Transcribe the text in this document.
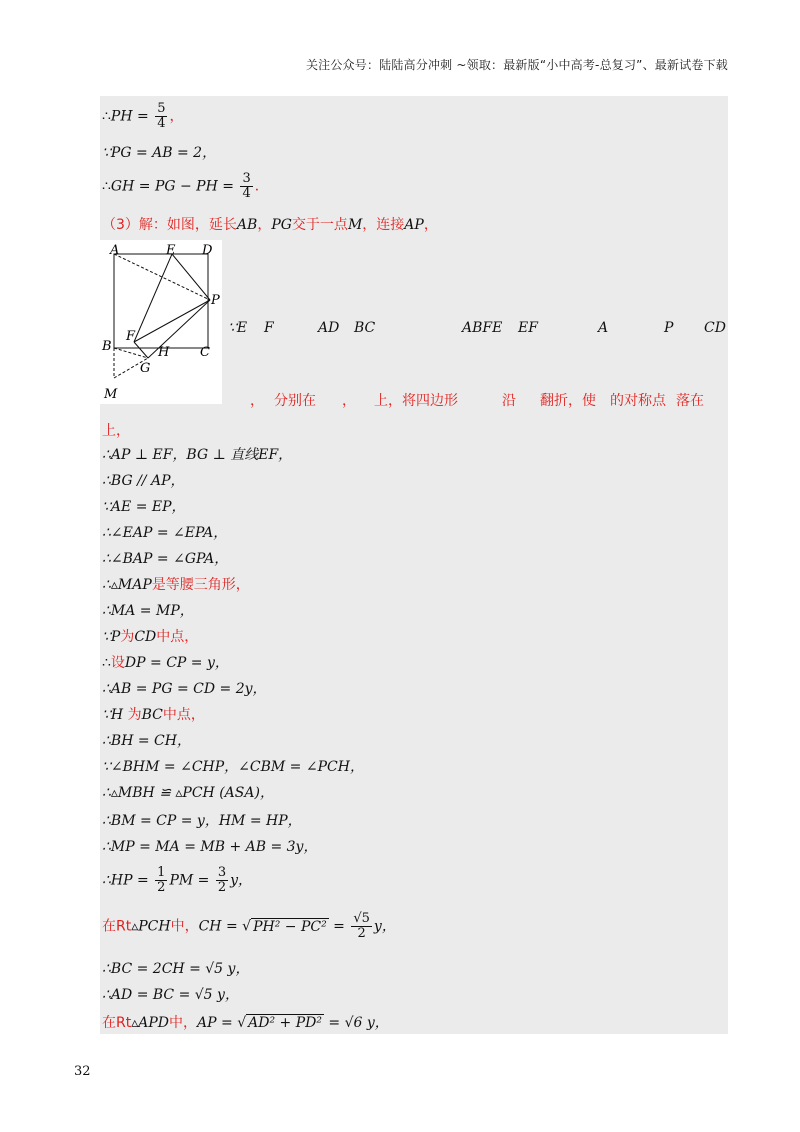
关注公众号：陆陆高分冲刺 ~领取：最新版“小中高考-总复习”、最新试卷下载
∴PH = $\frac{5}{4}$ ，
∵PG = AB = 2，
∴GH = PG − PH = $\frac{3}{4}$ ．
（3）解：如图，延长AB，PG交于一点M，连接AP，
A	E D
P
F
B	H C
G
M
∵E F	AD BC	ABFE EF	A	P CD
， 分别在 ， 上，将四边形	沿 翻折，使 的对称点 落在
上，
∴AP ⊥ EF，BG ⊥ 直线EF，
∴BG // AP，
∵AE = EP，
∴∠EAP = ∠EPA，
∴∠BAP = ∠GPA，
∴▵MAP是等腰三角形，
∴MA = MP，
∵P为CD中点，
∴设DP = CP = y，
∴AB = PG = CD = 2y，
∵H 为BC中点，
∴BH = CH，
∵∠BHM = ∠CHP，∠CBM = ∠PCH，
∴▵MBH ≌ ▵PCH (ASA)，
∴BM = CP = y，HM = HP，
∴MP = MA = MB + AB = 3y，
∴HP = $\frac{1}{2}$ PM = $\frac{3}{2}$ y，
在Rt▵PCH中，CH = √ $PH^2 - PC^2 = \frac{√5}{2}$ y，
∴BC = 2CH = √5 y，
∴AD = BC = √5 y，
在Rt▵APD中，AP = √ AD² + PD² = √6 y，
32
